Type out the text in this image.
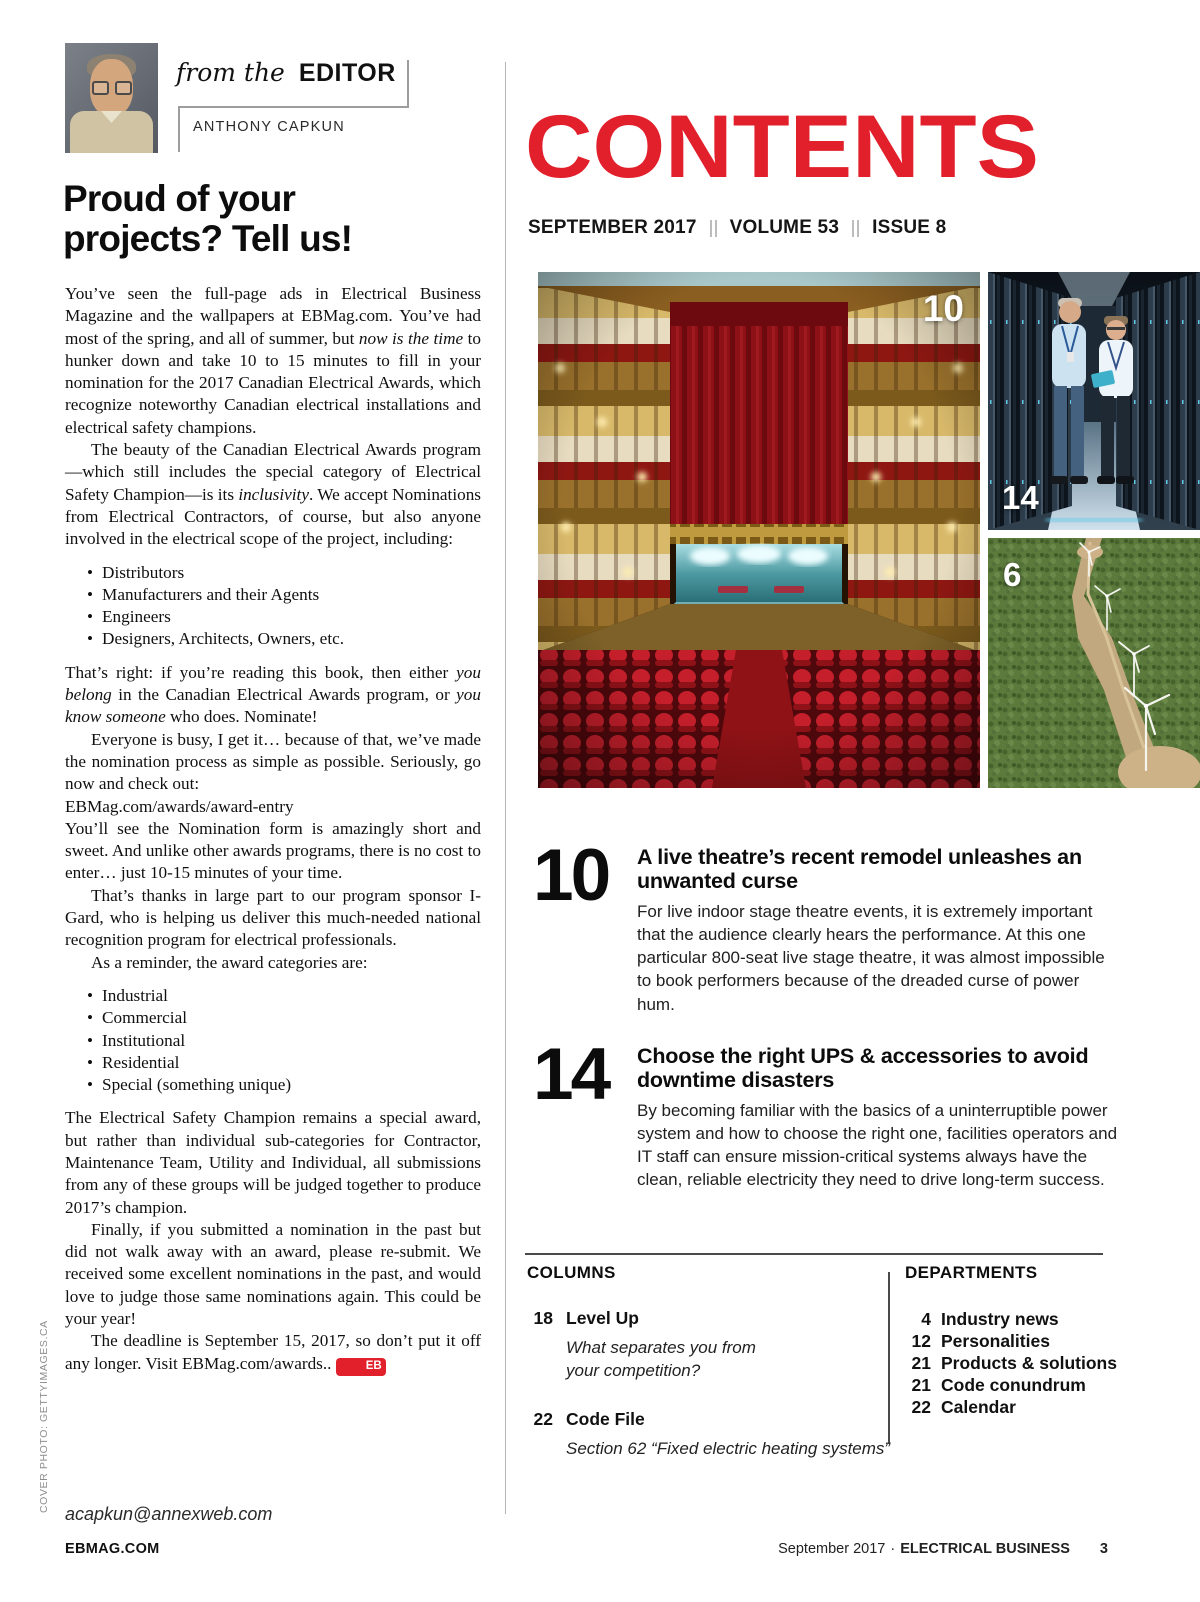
COVER PHOTO: GETTYIMAGES.CA
from the EDITOR
ANTHONY CAPKUN
Proud of your
projects? Tell us!

You’ve seen the full-page ads in Electrical Business Magazine and the wallpapers at EBMag.com. You’ve had most of the spring, and all of summer, but now is the time to hunker down and take 10 to 15 minutes to fill in your nomination for the 2017 Canadian Electrical Awards, which recognize noteworthy Canadian electrical installations and electrical safety champions.

The beauty of the Canadian Electrical Awards program—which still includes the special category of Electrical Safety Champion—is its inclusivity. We accept Nominations from Electrical Contractors, of course, but also anyone involved in the electrical scope of the project, including:

• Distributors
• Manufacturers and their Agents
• Engineers
• Designers, Architects, Owners, etc.

That’s right: if you’re reading this book, then either you belong in the Canadian Electrical Awards program, or you know someone who does. Nominate!

Everyone is busy, I get it… because of that, we’ve made the nomination process as simple as possible. Seriously, go now and check out:

EBMag.com/awards/award-entry

You’ll see the Nomination form is amazingly short and sweet. And unlike other awards programs, there is no cost to enter… just 10-15 minutes of your time.

That’s thanks in large part to our program sponsor I-Gard, who is helping us deliver this much-needed national recognition program for electrical professionals.

As a reminder, the award categories are:

• Industrial
• Commercial
• Institutional
• Residential
• Special (something unique)

The Electrical Safety Champion remains a special award, but rather than individual sub-categories for Contractor, Maintenance Team, Utility and Individual, all submissions from any of these groups will be judged together to produce 2017’s champion.

Finally, if you submitted a nomination in the past but did not walk away with an award, please re-submit. We received some excellent nominations in the past, and would love to judge those same nominations again. This could be your year!

The deadline is September 15, 2017, so don’t put it off any longer. Visit EBMag.com/awards..	EB

acapkun@annexweb.com
CONTENTS
SEPTEMBER 2017 VOLUME 53 ISSUE 8
10
14
6
10	A live theatre’s recent remodel unleashes an unwanted curse
For live indoor stage theatre events, it is extremely important that the audience clearly hears the performance. At this one particular 800-seat live stage theatre, it was almost impossible to book performers because of the dreaded curse of power hum.
14	Choose the right UPS & accessories to avoid downtime disasters
By becoming familiar with the basics of a uninterruptible power system and how to choose the right one, facilities operators and IT staff can ensure mission-critical systems always have the clean, reliable electricity they need to drive long-term success.
COLUMNS
18 Level Up
What separates you from your competition?
22 Code File
Section 62 “Fixed electric heating systems”
DEPARTMENTS
4 Industry news
12 Personalities
21 Products & solutions
21 Code conundrum
22 Calendar
EBMAG.COM	September 2017 · ELECTRICAL BUSINESS 3
